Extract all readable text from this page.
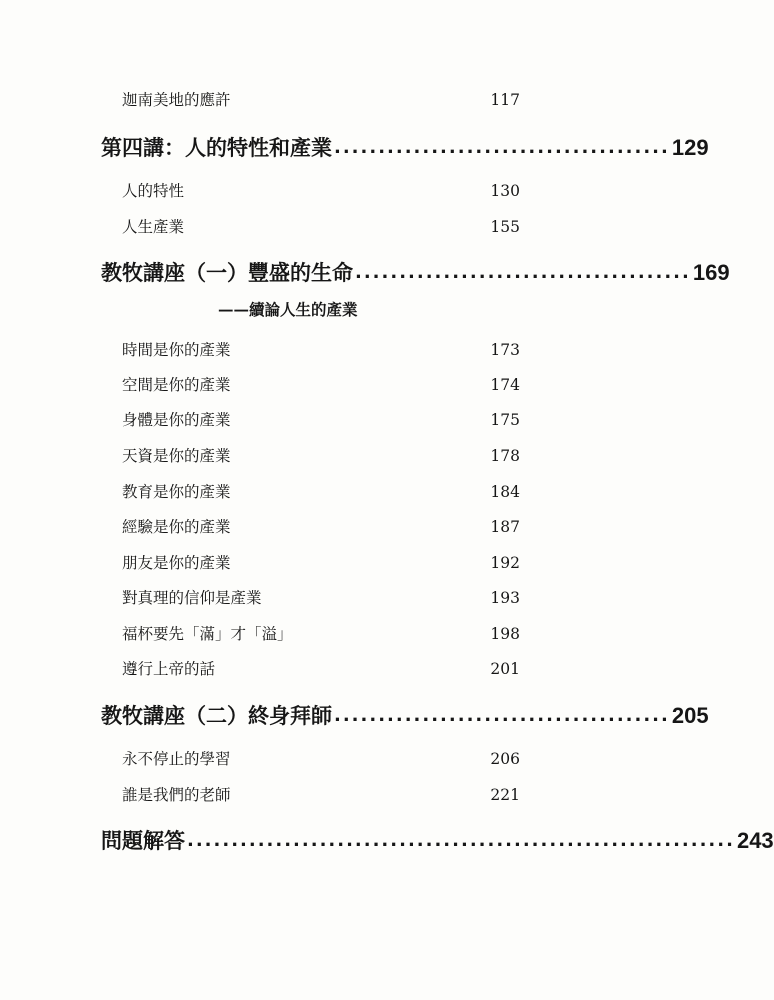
迦南美地的應許	117
第四講：人的特性和產業 ...................................... 129
人的特性	130
人生產業	155
教牧講座（一）豐盛的生命 ...................................... 169
——續論人生的產業
時間是你的產業	173
空間是你的產業	174
身體是你的產業	175
天資是你的產業	178
教育是你的產業	184
經驗是你的產業	187
朋友是你的產業	192
對真理的信仰是產業	193
福杯要先「滿」才「溢」	198
遵行上帝的話	201
教牧講座（二）終身拜師 ...................................... 205
永不停止的學習	206
誰是我們的老師	221
問題解答 .............................................................. 243
